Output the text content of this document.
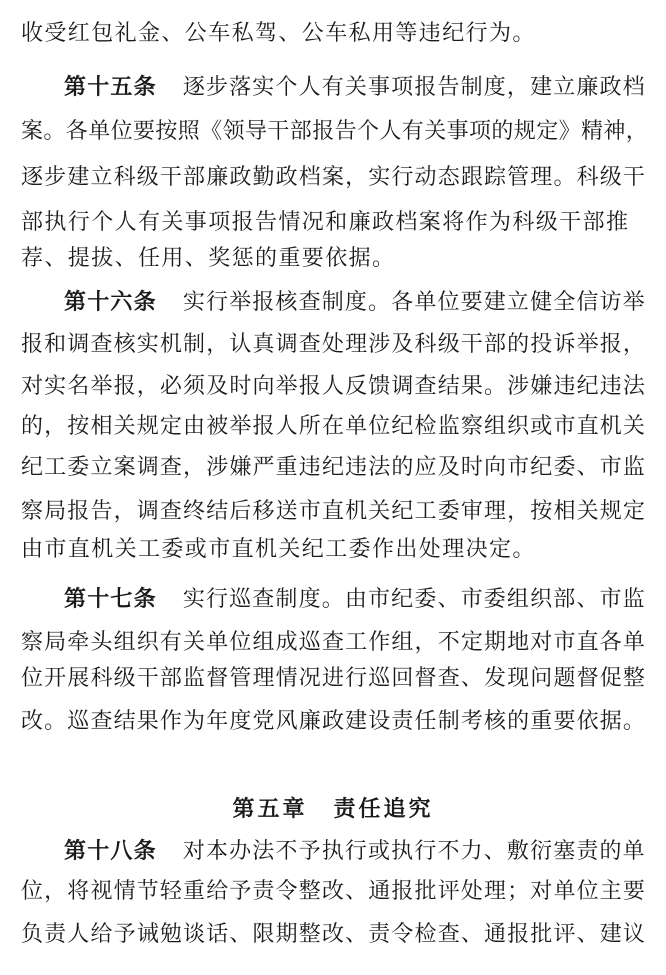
收受红包礼金、公车私驾、公车私用等违纪行为。
第十五条 逐步落实个人有关事项报告制度，建立廉政档
案。各单位要按照《领导干部报告个人有关事项的规定》精神，
逐步建立科级干部廉政勤政档案，实行动态跟踪管理。科级干
部执行个人有关事项报告情况和廉政档案将作为科级干部推
荐、提拔、任用、奖惩的重要依据。
第十六条 实行举报核查制度。各单位要建立健全信访举
报和调查核实机制，认真调查处理涉及科级干部的投诉举报，
对实名举报，必须及时向举报人反馈调查结果。涉嫌违纪违法
的，按相关规定由被举报人所在单位纪检监察组织或市直机关
纪工委立案调查，涉嫌严重违纪违法的应及时向市纪委、市监
察局报告，调查终结后移送市直机关纪工委审理，按相关规定
由市直机关工委或市直机关纪工委作出处理决定。
第十七条 实行巡查制度。由市纪委、市委组织部、市监
察局牵头组织有关单位组成巡查工作组，不定期地对市直各单
位开展科级干部监督管理情况进行巡回督查、发现问题督促整
改。巡查结果作为年度党风廉政建设责任制考核的重要依据。
第五章 责任追究
第十八条 对本办法不予执行或执行不力、敷衍塞责的单
位，将视情节轻重给予责令整改、通报批评处理；对单位主要
负责人给予诫勉谈话、限期整改、责令检查、通报批评、建议
